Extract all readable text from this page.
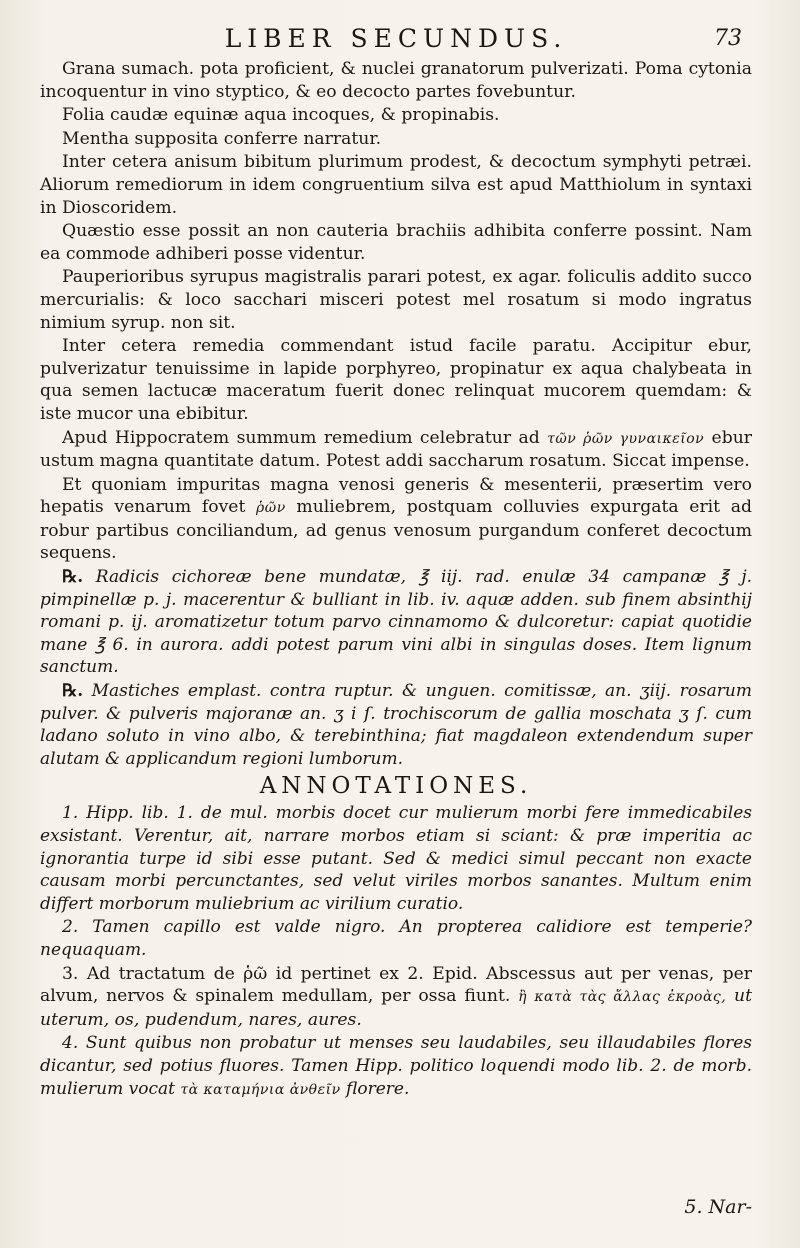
LIBER SECUNDUS.	73

Grana sumach. pota proficient, & nuclei granatorum pulverizati. Poma cytonia incoquentur in vino styptico, & eo decocto partes fovebuntur.

Folia caudæ equinæ aqua incoques, & propinabis.

Mentha supposita conferre narratur.

Inter cetera anisum bibitum plurimum prodest, & decoctum symphyti petræi. Aliorum remediorum in idem congruentium silva est apud Matthiolum in syntaxi in Dioscoridem.

Quæstio esse possit an non cauteria brachiis adhibita conferre possint. Nam ea commode adhiberi posse videntur.

Pauperioribus syrupus magistralis parari potest, ex agar. foliculis addito succo mercurialis: & loco sacchari misceri potest mel rosatum si modo ingratus nimium syrup. non sit.

Inter cetera remedia commendant istud facile paratu. Accipitur ebur, pulverizatur tenuissime in lapide porphyreo, propinatur ex aqua chalybeata in qua semen lactucæ maceratum fuerit donec relinquat mucorem quemdam: & iste mucor una ebibitur.

Apud Hippocratem summum remedium celebratur ad τῶν ῥῶν γυναικεῖον ebur ustum magna quantitate datum. Potest addi saccharum rosatum. Siccat impense.

Et quoniam impuritas magna venosi generis & mesenterii, præsertim vero hepatis venarum fovet ῥῶν muliebrem, postquam colluvies expurgata erit ad robur partibus conciliandum, ad genus venosum purgandum conferet decoctum sequens.

℞. Radicis cichoreæ bene mundatæ, ℥ iij. rad. enulæ 34 campanæ ℥ j. pimpinellæ p. j. macerentur & bulliant in lib. iv. aquæ adden. sub finem absinthij romani p. ij. aromatizetur totum parvo cinnamomo & dulcoretur: capiat quotidie mane ℥ 6. in aurora. addi potest parum vini albi in singulas doses. Item lignum sanctum.

℞. Mastiches emplast. contra ruptur. & unguen. comitissæ, an. ʒiij. rosarum pulver. & pulveris majoranæ an. ʒ i ſ. trochiscorum de gallia moschata ʒ ſ. cum ladano soluto in vino albo, & terebinthina; fiat magdaleon extendendum super alutam & applicandum regioni lumborum.

ANNOTATIONES.

1. Hipp. lib. 1. de mul. morbis docet cur mulierum morbi fere immedicabiles exsistant. Verentur, ait, narrare morbos etiam si sciant: & præ imperitia ac ignorantia turpe id sibi esse putant. Sed & medici simul peccant non exacte causam morbi percunctantes, sed velut viriles morbos sanantes. Multum enim differt morborum muliebrium ac virilium curatio.

2. Tamen capillo est valde nigro. An propterea calidiore est temperie? nequaquam.

3. Ad tractatum de ῥῶ id pertinet ex 2. Epid. Abscessus aut per venas, per alvum, nervos & spinalem medullam, per ossa fiunt. ἢ κατὰ τὰς ἄλλας ἐκροὰς, ut uterum, os, pudendum, nares, aures.

4. Sunt quibus non probatur ut menses seu laudabiles, seu illaudabiles flores dicantur, sed potius fluores. Tamen Hipp. politico loquendi modo lib. 2. de morb. mulierum vocat τὰ καταμήνια ἀνθεῖν florere.

5. Nar-
